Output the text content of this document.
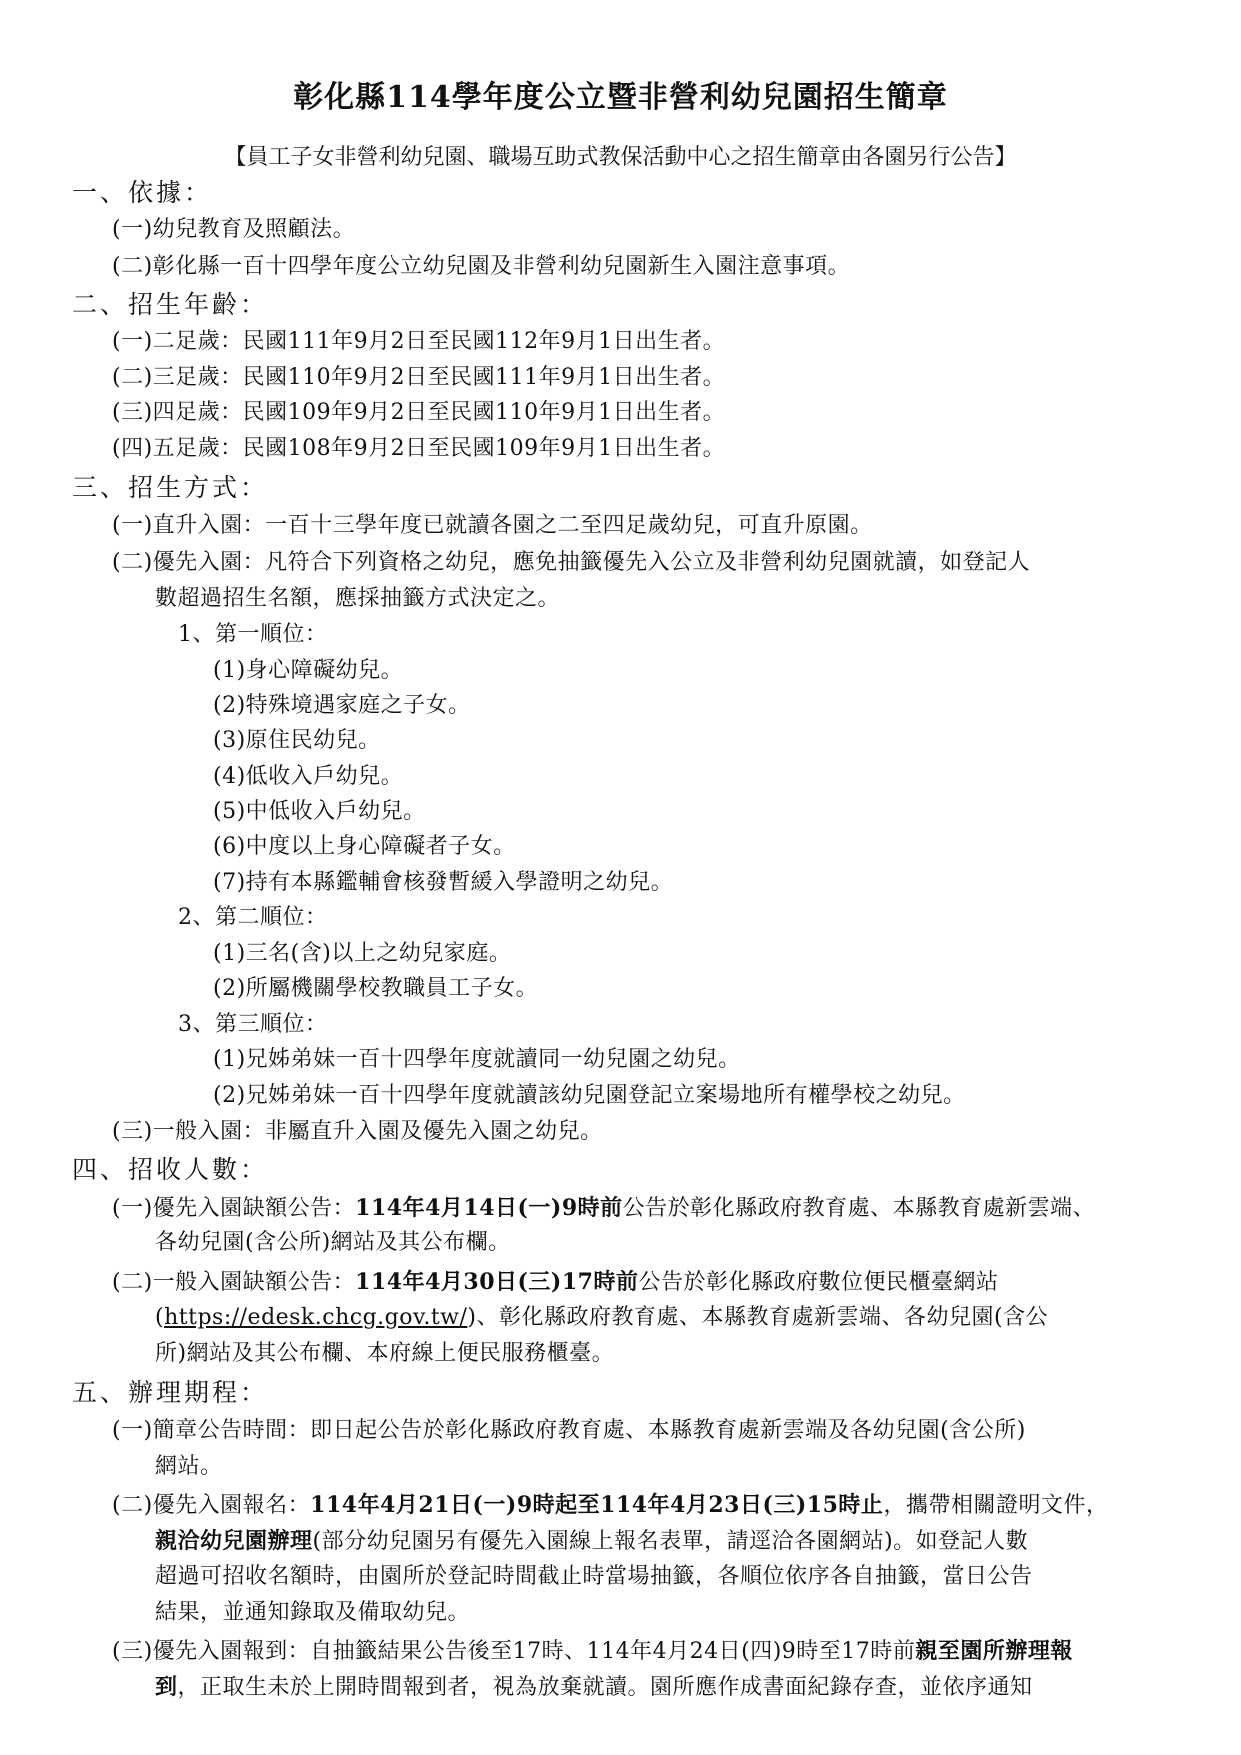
彰化縣114學年度公立暨非營利幼兒園招生簡章
【員工子女非營利幼兒園、職場互助式教保活動中心之招生簡章由各園另行公告】
一、依據：
(一)幼兒教育及照顧法。
(二)彰化縣一百十四學年度公立幼兒園及非營利幼兒園新生入園注意事項。
二、招生年齡：
(一)二足歲：民國111年9月2日至民國112年9月1日出生者。
(二)三足歲：民國110年9月2日至民國111年9月1日出生者。
(三)四足歲：民國109年9月2日至民國110年9月1日出生者。
(四)五足歲：民國108年9月2日至民國109年9月1日出生者。
三、招生方式：
(一)直升入園：一百十三學年度已就讀各園之二至四足歲幼兒，可直升原園。
(二)優先入園：凡符合下列資格之幼兒，應免抽籤優先入公立及非營利幼兒園就讀，如登記人
數超過招生名額，應採抽籤方式決定之。
1、第一順位：
(1)身心障礙幼兒。
(2)特殊境遇家庭之子女。
(3)原住民幼兒。
(4)低收入戶幼兒。
(5)中低收入戶幼兒。
(6)中度以上身心障礙者子女。
(7)持有本縣鑑輔會核發暫緩入學證明之幼兒。
2、第二順位：
(1)三名(含)以上之幼兒家庭。
(2)所屬機關學校教職員工子女。
3、第三順位：
(1)兄姊弟妹一百十四學年度就讀同一幼兒園之幼兒。
(2)兄姊弟妹一百十四學年度就讀該幼兒園登記立案場地所有權學校之幼兒。
(三)一般入園：非屬直升入園及優先入園之幼兒。
四、招收人數：
(一)優先入園缺額公告：114年4月14日(一)9時前公告於彰化縣政府教育處、本縣教育處新雲端、
各幼兒園(含公所)網站及其公布欄。
(二)一般入園缺額公告：114年4月30日(三)17時前公告於彰化縣政府數位便民櫃臺網站
(https://edesk.chcg.gov.tw/)、彰化縣政府教育處、本縣教育處新雲端、各幼兒園(含公
所)網站及其公布欄、本府線上便民服務櫃臺。
五、辦理期程：
(一)簡章公告時間：即日起公告於彰化縣政府教育處、本縣教育處新雲端及各幼兒園(含公所)
網站。
(二)優先入園報名：114年4月21日(一)9時起至114年4月23日(三)15時止，攜帶相關證明文件，
親洽幼兒園辦理(部分幼兒園另有優先入園線上報名表單，請逕洽各園網站)。如登記人數
超過可招收名額時，由園所於登記時間截止時當場抽籤，各順位依序各自抽籤，當日公告
結果，並通知錄取及備取幼兒。
(三)優先入園報到：自抽籤結果公告後至17時、114年4月24日(四)9時至17時前親至園所辦理報
到，正取生未於上開時間報到者，視為放棄就讀。園所應作成書面紀錄存查，並依序通知
